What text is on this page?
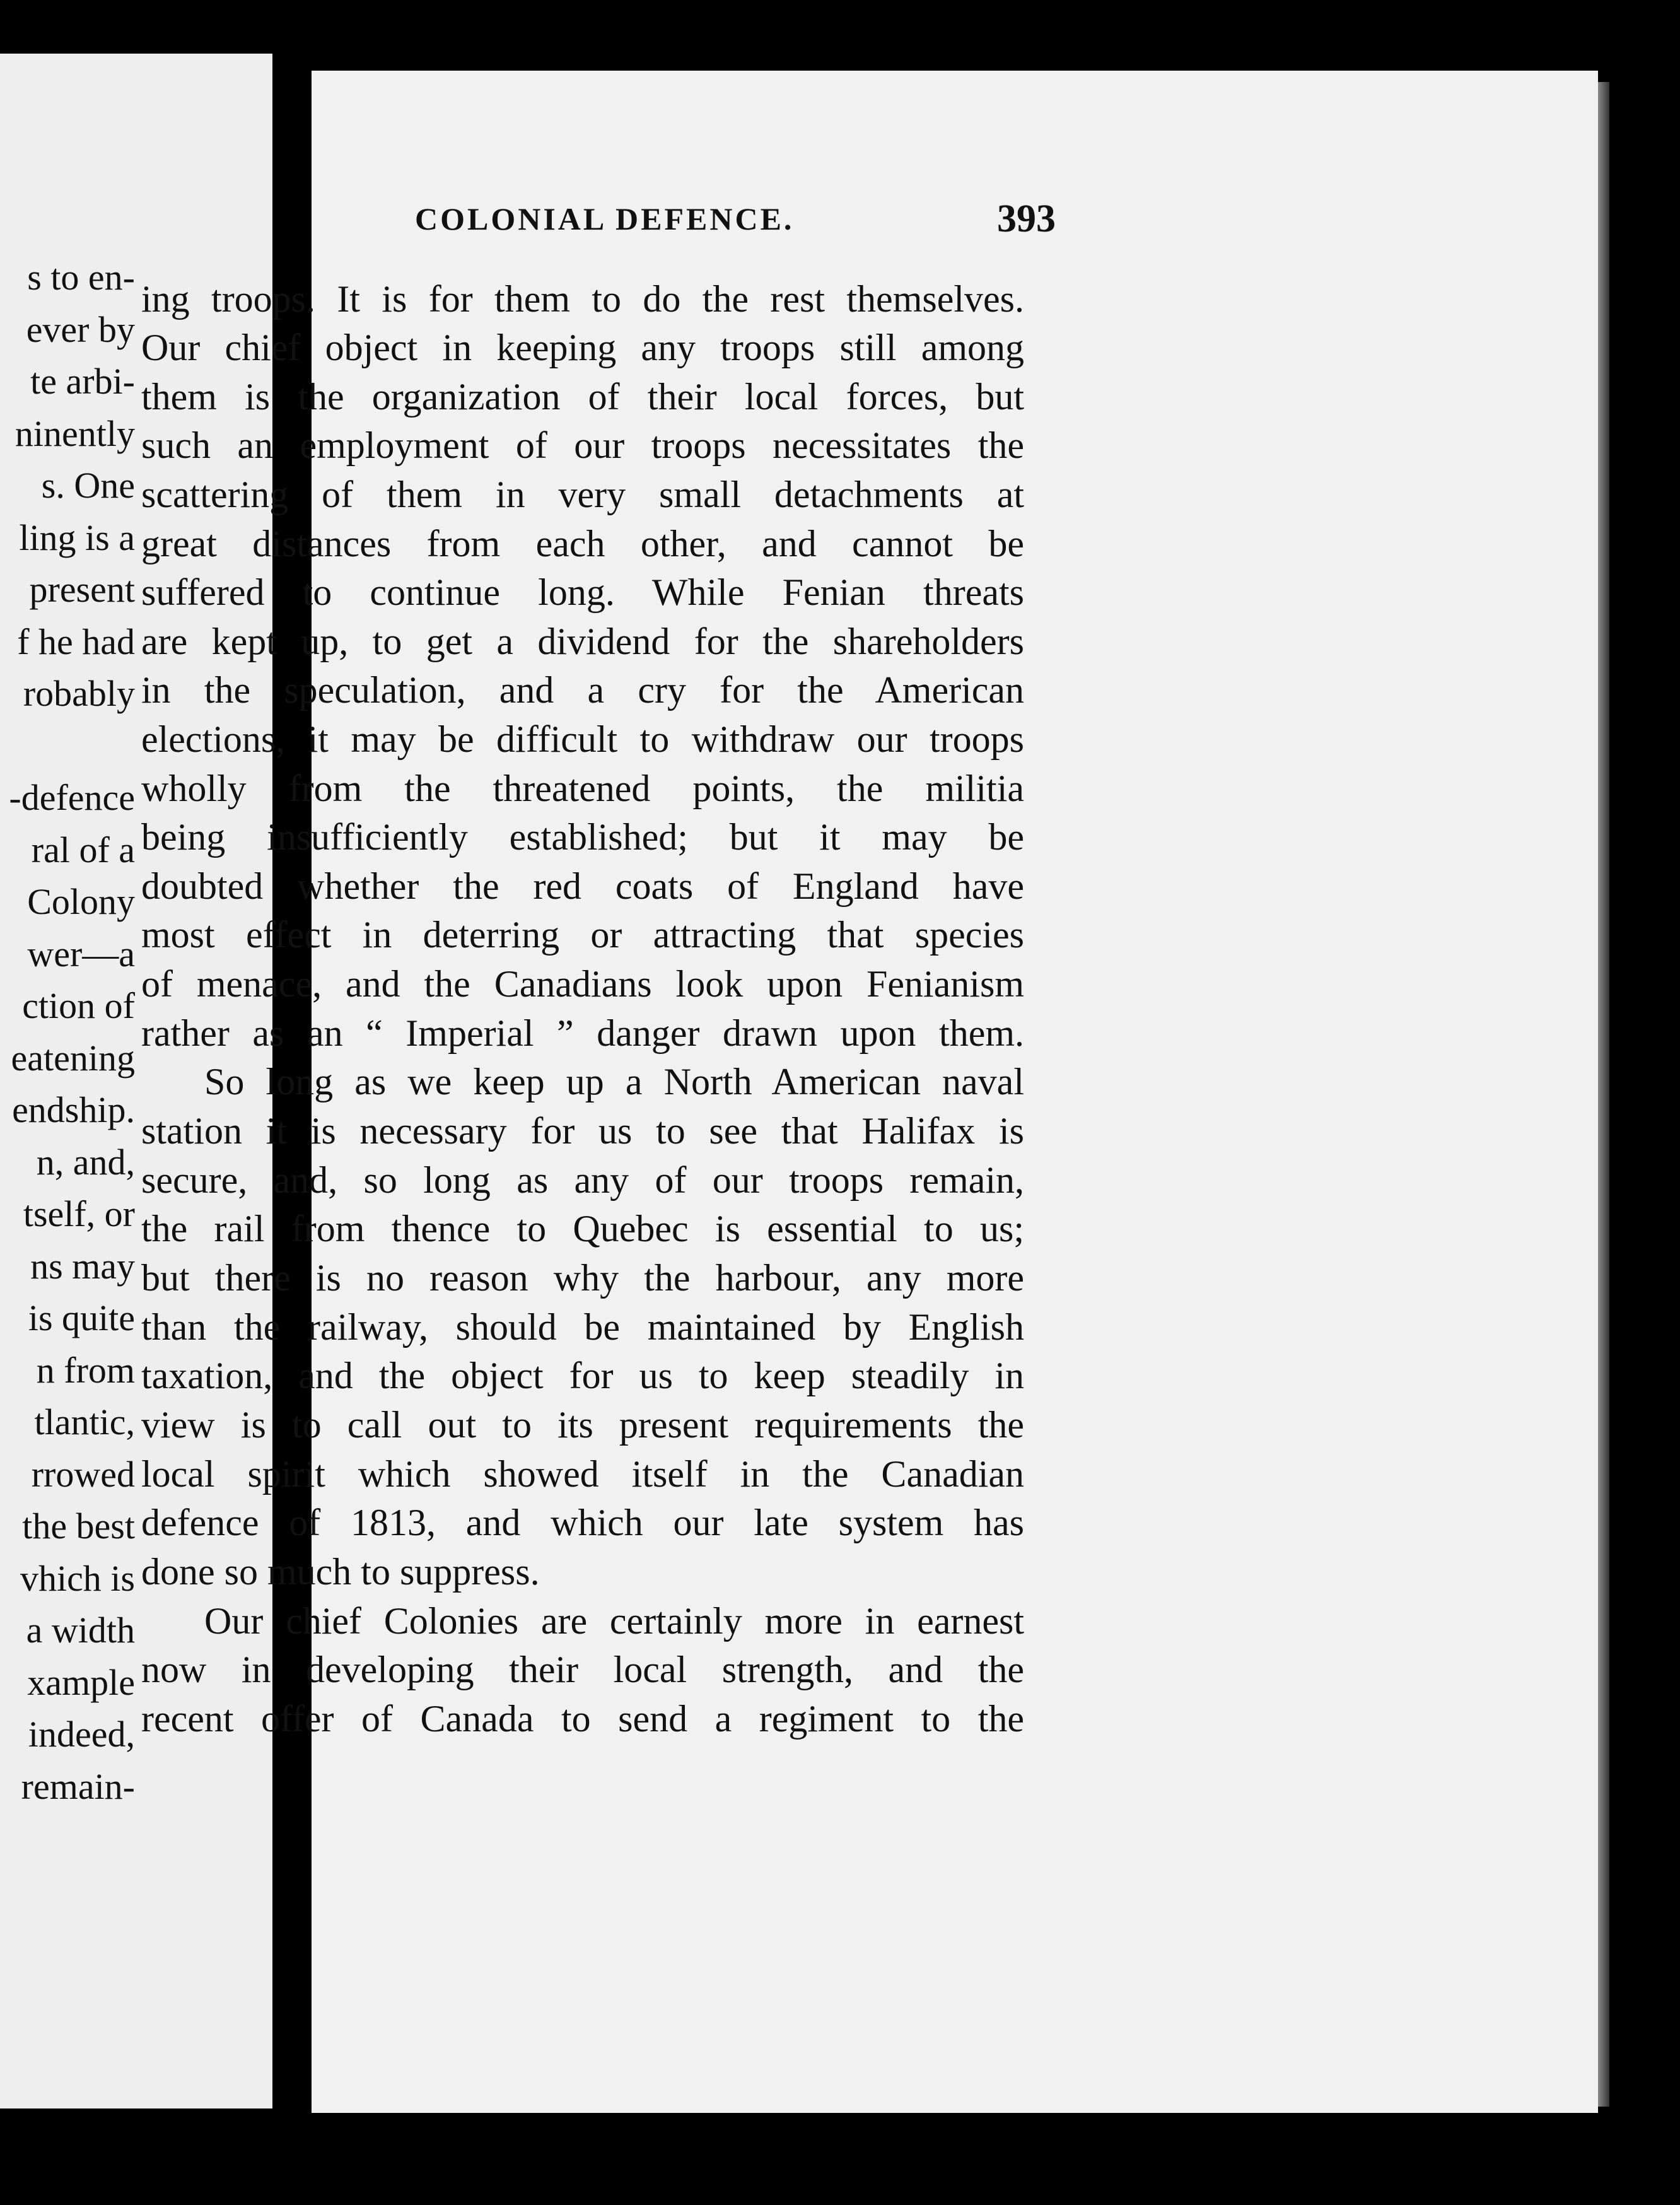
s to en-
ever by
te arbi-
ninently
s. One
ling is a
present
f he had
robably
-defence
ral of a
Colony
wer—a
ction of
eatening
endship.
n, and,
tself, or
ns may
is quite
n from
tlantic,
rrowed
the best
vhich is
a width
xample
indeed,
remain-
COLONIAL DEFENCE.	393
ing troops. It is for them to do the rest themselves.
Our chief object in keeping any troops still among
them is the organization of their local forces, but
such an employment of our troops necessitates the
scattering of them in very small detachments at
great distances from each other, and cannot be
suffered to continue long. While Fenian threats
are kept up, to get a dividend for the shareholders
in the speculation, and a cry for the American
elections, it may be difficult to withdraw our troops
wholly from the threatened points, the militia
being insufficiently established; but it may be
doubted whether the red coats of England have
most effect in deterring or attracting that species
of menace, and the Canadians look upon Fenianism
rather as an “ Imperial ” danger drawn upon them.
So long as we keep up a North American naval
station it is necessary for us to see that Halifax is
secure, and, so long as any of our troops remain,
the rail from thence to Quebec is essential to us;
but there is no reason why the harbour, any more
than the railway, should be maintained by English
taxation, and the object for us to keep steadily in
view is to call out to its present requirements the
local spirit which showed itself in the Canadian
defence of 1813, and which our late system has
done so much to suppress.
Our chief Colonies are certainly more in earnest
now in developing their local strength, and the
recent offer of Canada to send a regiment to the
